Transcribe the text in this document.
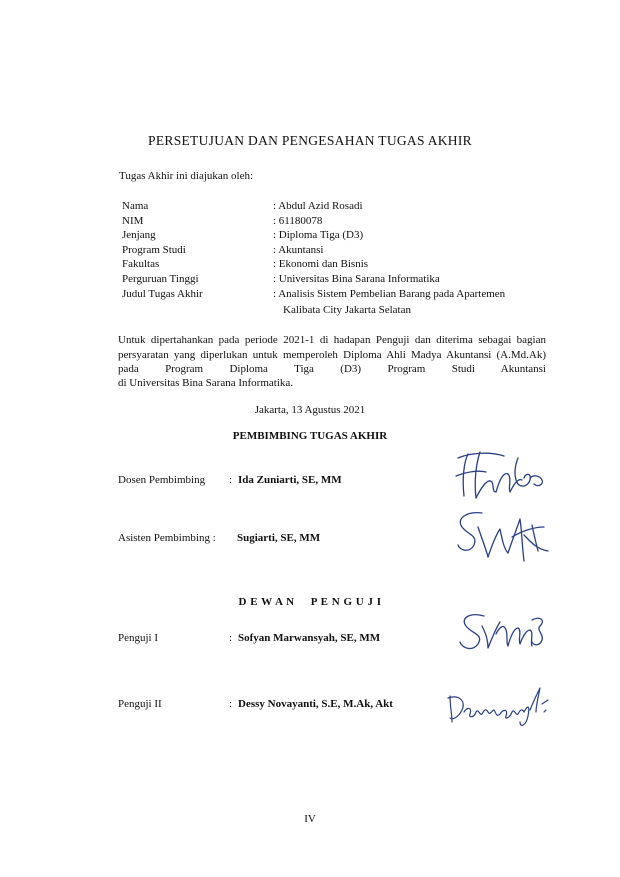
PERSETUJUAN DAN PENGESAHAN TUGAS AKHIR
Tugas Akhir ini diajukan oleh:
Nama	: Abdul Azid Rosadi
NIM	: 61180078
Jenjang	: Diploma Tiga (D3)
Program Studi	: Akuntansi
Fakultas	: Ekonomi dan Bisnis
Perguruan Tinggi	: Universitas Bina Sarana Informatika
Judul Tugas Akhir	: Analisis Sistem Pembelian Barang pada Apartemen
Kalibata City Jakarta Selatan
Untuk dipertahankan pada periode 2021-1 di hadapan Penguji dan diterima sebagai bagian persyaratan yang diperlukan untuk memperoleh Diploma Ahli Madya Akuntansi (A.Md.Ak) pada Program Diploma Tiga (D3) Program Studi Akuntansi
di Universitas Bina Sarana Informatika.
Jakarta, 13 Agustus 2021
PEMBIMBING TUGAS AKHIR
Dosen Pembimbing : Ida Zuniarti, SE, MM
Asisten Pembimbing : Sugiarti, SE, MM
D E W A N     P E N G U J I
Penguji I	: Sofyan Marwansyah, SE, MM
Penguji II	: Dessy Novayanti, S.E, M.Ak, Akt
IV
